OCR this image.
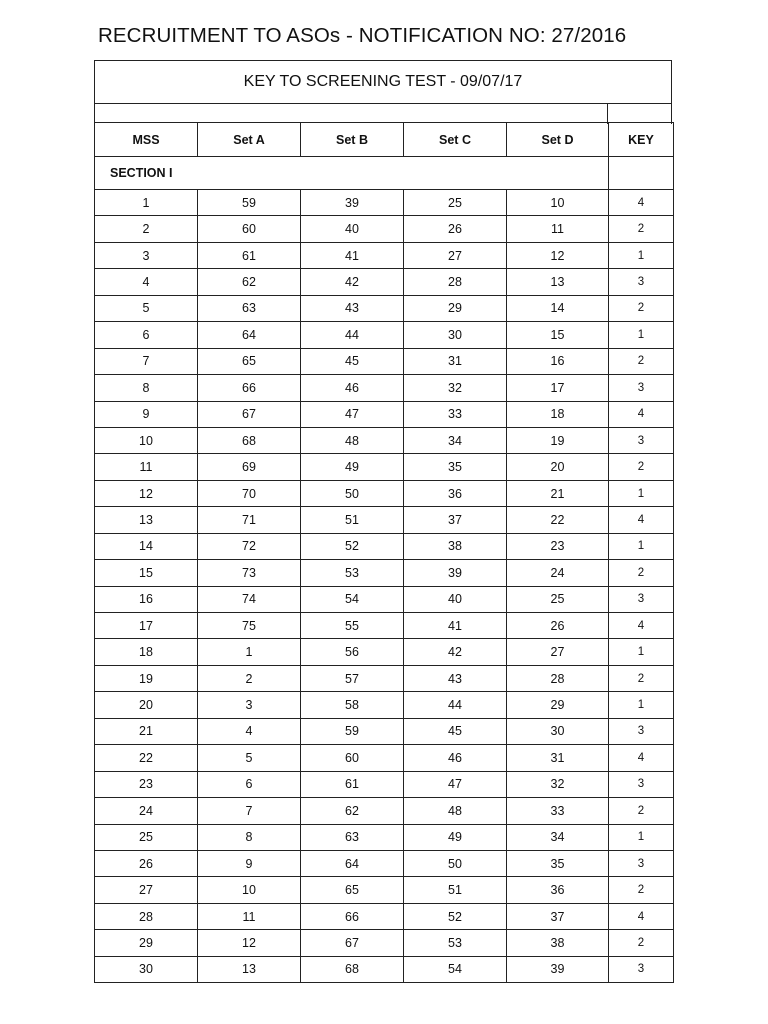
RECRUITMENT TO ASOs - NOTIFICATION NO: 27/2016
KEY TO SCREENING TEST - 09/07/17
MSS	Set A	Set B	Set C	Set D	KEY
SECTION I					
1	59	39	25	10	4
2	60	40	26	11	2
3	61	41	27	12	1
4	62	42	28	13	3
5	63	43	29	14	2
6	64	44	30	15	1
7	65	45	31	16	2
8	66	46	32	17	3
9	67	47	33	18	4
10	68	48	34	19	3
11	69	49	35	20	2
12	70	50	36	21	1
13	71	51	37	22	4
14	72	52	38	23	1
15	73	53	39	24	2
16	74	54	40	25	3
17	75	55	41	26	4
18	1	56	42	27	1
19	2	57	43	28	2
20	3	58	44	29	1
21	4	59	45	30	3
22	5	60	46	31	4
23	6	61	47	32	3
24	7	62	48	33	2
25	8	63	49	34	1
26	9	64	50	35	3
27	10	65	51	36	2
28	11	66	52	37	4
29	12	67	53	38	2
30	13	68	54	39	3
